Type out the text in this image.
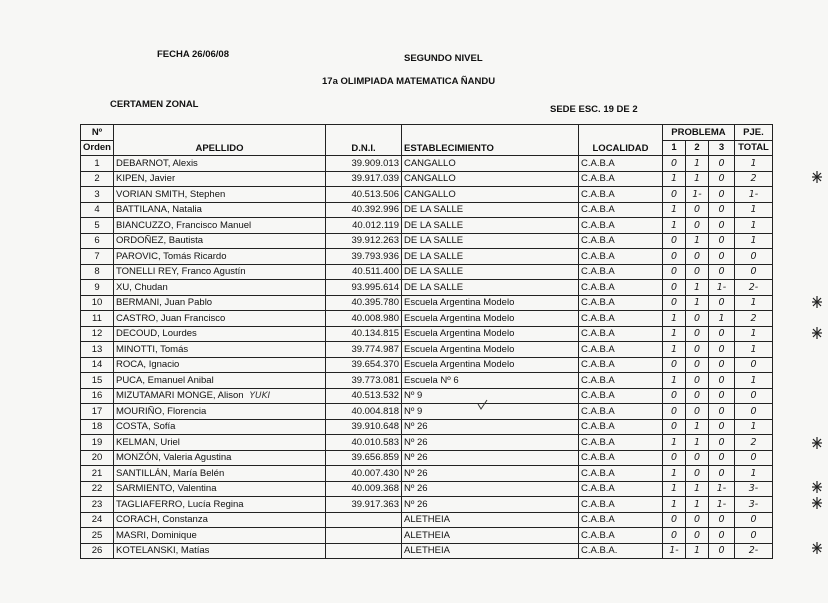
FECHA 26/06/08	SEGUNDO NIVEL
17a OLIMPIADA MATEMATICA ÑANDU
CERTAMEN ZONAL	SEDE ESC. 19 DE 2
Nº	APELLIDO	D.N.I.	ESTABLECIMIENTO	LOCALIDAD	PROBLEMA			PJE.
Orden					1	2	3	TOTAL
1	DEBARNOT, Alexis	39.909.013	CANGALLO	C.A.B.A	0	1	0	1
2	KIPEN, Javier	39.917.039	CANGALLO	C.A.B.A	1	1	0	2
3	VORIAN SMITH, Stephen	40.513.506	CANGALLO	C.A.B.A	0	1-	0	1-
4	BATTILANA, Natalia	40.392.996	DE LA SALLE	C.A.B.A	1	0	0	1
5	BIANCUZZO, Francisco Manuel	40.012.119	DE LA SALLE	C.A.B.A	1	0	0	1
6	ORDOÑEZ, Bautista	39.912.263	DE LA SALLE	C.A.B.A	0	1	0	1
7	PAROVIC, Tomás Ricardo	39.793.936	DE LA SALLE	C.A.B.A	0	0	0	0
8	TONELLI REY, Franco Agustín	40.511.400	DE LA SALLE	C.A.B.A	0	0	0	0
9	XU, Chudan	93.995.614	DE LA SALLE	C.A.B.A	0	1	1-	2-
10	BERMANI, Juan Pablo	40.395.780	Escuela Argentina Modelo	C.A.B.A	0	1	0	1
11	CASTRO, Juan Francisco	40.008.980	Escuela Argentina Modelo	C.A.B.A	1	0	1	2
12	DECOUD, Lourdes	40.134.815	Escuela Argentina Modelo	C.A.B.A	1	0	0	1
13	MINOTTI, Tomás	39.774.987	Escuela Argentina Modelo	C.A.B.A	1	0	0	1
14	ROCA, Ignacio	39.654.370	Escuela Argentina Modelo	C.A.B.A	0	0	0	0
15	PUCA, Emanuel Anibal	39.773.081	Escuela Nº 6	C.A.B.A	1	0	0	1
16	MIZUTAMARI MONGE, Alison YUKI	40.513.532	Nº 9	C.A.B.A	0	0	0	0
17	MOURIÑO, Florencia	40.004.818	Nº 9	C.A.B.A	0	0	0	0
18	COSTA, Sofía	39.910.648	Nº 26	C.A.B.A	0	1	0	1
19	KELMAN, Uriel	40.010.583	Nº 26	C.A.B.A	1	1	0	2
20	MONZÓN, Valeria Agustina	39.656.859	Nº 26	C.A.B.A	0	0	0	0
21	SANTILLÁN, María Belén	40.007.430	Nº 26	C.A.B.A	1	0	0	1
22	SARMIENTO, Valentina	40.009.368	Nº 26	C.A.B.A	1	1	1-	3-
23	TAGLIAFERRO, Lucía Regina	39.917.363	Nº 26	C.A.B.A	1	1	1-	3-
24	CORACH, Constanza		ALETHEIA	C.A.B.A	0	0	0	0
25	MASRI, Dominique		ALETHEIA	C.A.B.A	0	0	0	0
26	KOTELANSKI, Matías		ALETHEIA	C.A.B.A.	1-	1	0	2-
